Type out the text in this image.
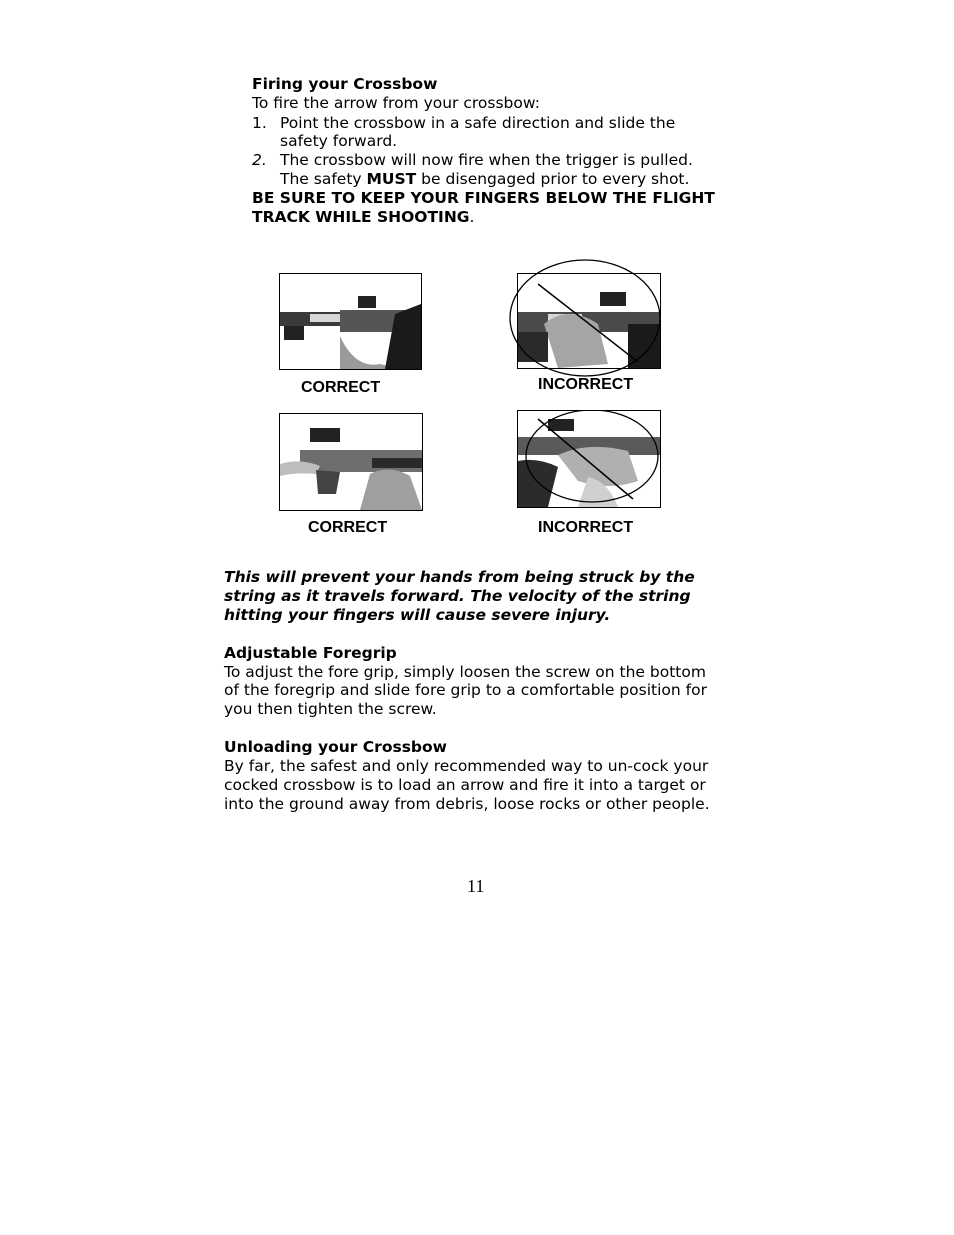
Firing your Crossbow
To fire the arrow from your crossbow:
1. Point the crossbow in a safe direction and slide the
safety forward.
2. The crossbow will now fire when the trigger is pulled.
The safety MUST be disengaged prior to every shot.
BE SURE TO KEEP YOUR FINGERS BELOW THE FLIGHT
TRACK WHILE SHOOTING.
CORRECT	INCORRECT
CORRECT	INCORRECT
This will prevent your hands from being struck by the
string as it travels forward. The velocity of the string
hitting your fingers will cause severe injury.
Adjustable Foregrip
To adjust the fore grip, simply loosen the screw on the bottom
of the foregrip and slide fore grip to a comfortable position for
you then tighten the screw.
Unloading your Crossbow
By far, the safest and only recommended way to un-cock your
cocked crossbow is to load an arrow and fire it into a target or
into the ground away from debris, loose rocks or other people.
11
